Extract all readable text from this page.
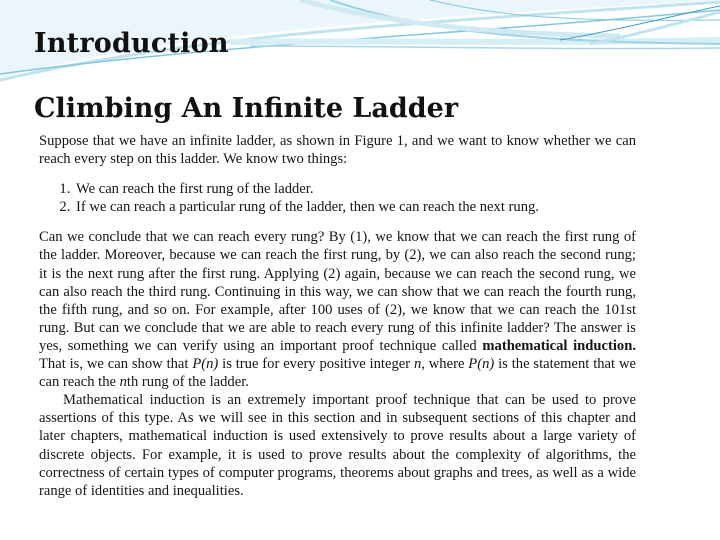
Introduction
Climbing An Infinite Ladder

Suppose that we have an infinite ladder, as shown in Figure 1, and we want to know whether we can reach every step on this ladder. We know two things:

1. We can reach the first rung of the ladder.
2. If we can reach a particular rung of the ladder, then we can reach the next rung.

Can we conclude that we can reach every rung? By (1), we know that we can reach the first rung of the ladder. Moreover, because we can reach the first rung, by (2), we can also reach the second rung; it is the next rung after the first rung. Applying (2) again, because we can reach the second rung, we can also reach the third rung. Continuing in this way, we can show that we can reach the fourth rung, the fifth rung, and so on. For example, after 100 uses of (2), we know that we can reach the 101st rung. But can we conclude that we are able to reach every rung of this infinite ladder? The answer is yes, something we can verify using an important proof technique called mathematical induction. That is, we can show that P(n) is true for every positive integer n, where P(n) is the statement that we can reach the nth rung of the ladder.

Mathematical induction is an extremely important proof technique that can be used to prove assertions of this type. As we will see in this section and in subsequent sections of this chapter and later chapters, mathematical induction is used extensively to prove results about a large variety of discrete objects. For example, it is used to prove results about the complexity of algorithms, the correctness of certain types of computer programs, theorems about graphs and trees, as well as a wide range of identities and inequalities.
